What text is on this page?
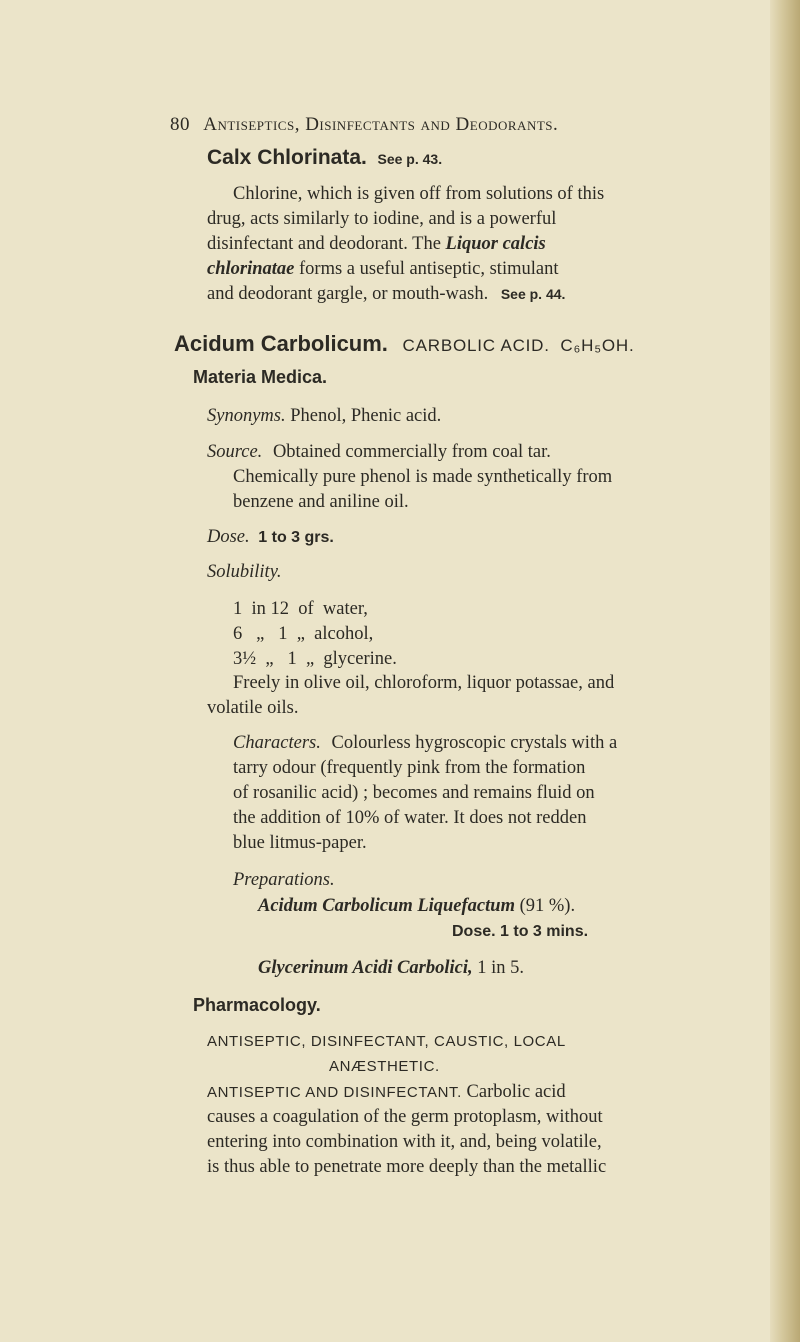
80 Antiseptics, Disinfectants and Deodorants.
Calx Chlorinata. See p. 43.
Chlorine, which is given off from solutions of this
drug, acts similarly to iodine, and is a powerful
disinfectant and deodorant. The Liquor calcis
chlorinatae forms a useful antiseptic, stimulant
and deodorant gargle, or mouth-wash. See p. 44.
Acidum Carbolicum. CARBOLIC ACID. C₆H₅OH.
Materia Medica.
Synonyms. Phenol, Phenic acid.
Source. Obtained commercially from coal tar.
Chemically pure phenol is made synthetically from
benzene and aniline oil.
Dose. 1 to 3 grs.
Solubility.
1  in 12  of  water,
6   „   1  „  alcohol,
3½  „   1  „  glycerine.
Freely in olive oil, chloroform, liquor potassae, and
volatile oils.
Characters. Colourless hygroscopic crystals with a
tarry odour (frequently pink from the formation
of rosanilic acid) ; becomes and remains fluid on
the addition of 10% of water. It does not redden
blue litmus-paper.
Preparations.
Acidum Carbolicum Liquefactum (91 %).
Dose. 1 to 3 mins.
Glycerinum Acidi Carbolici, 1 in 5.
Pharmacology.
ANTISEPTIC, DISINFECTANT, CAUSTIC, LOCAL
ANÆSTHETIC.
ANTISEPTIC AND DISINFECTANT. Carbolic acid
causes a coagulation of the germ protoplasm, without
entering into combination with it, and, being volatile,
is thus able to penetrate more deeply than the metallic
